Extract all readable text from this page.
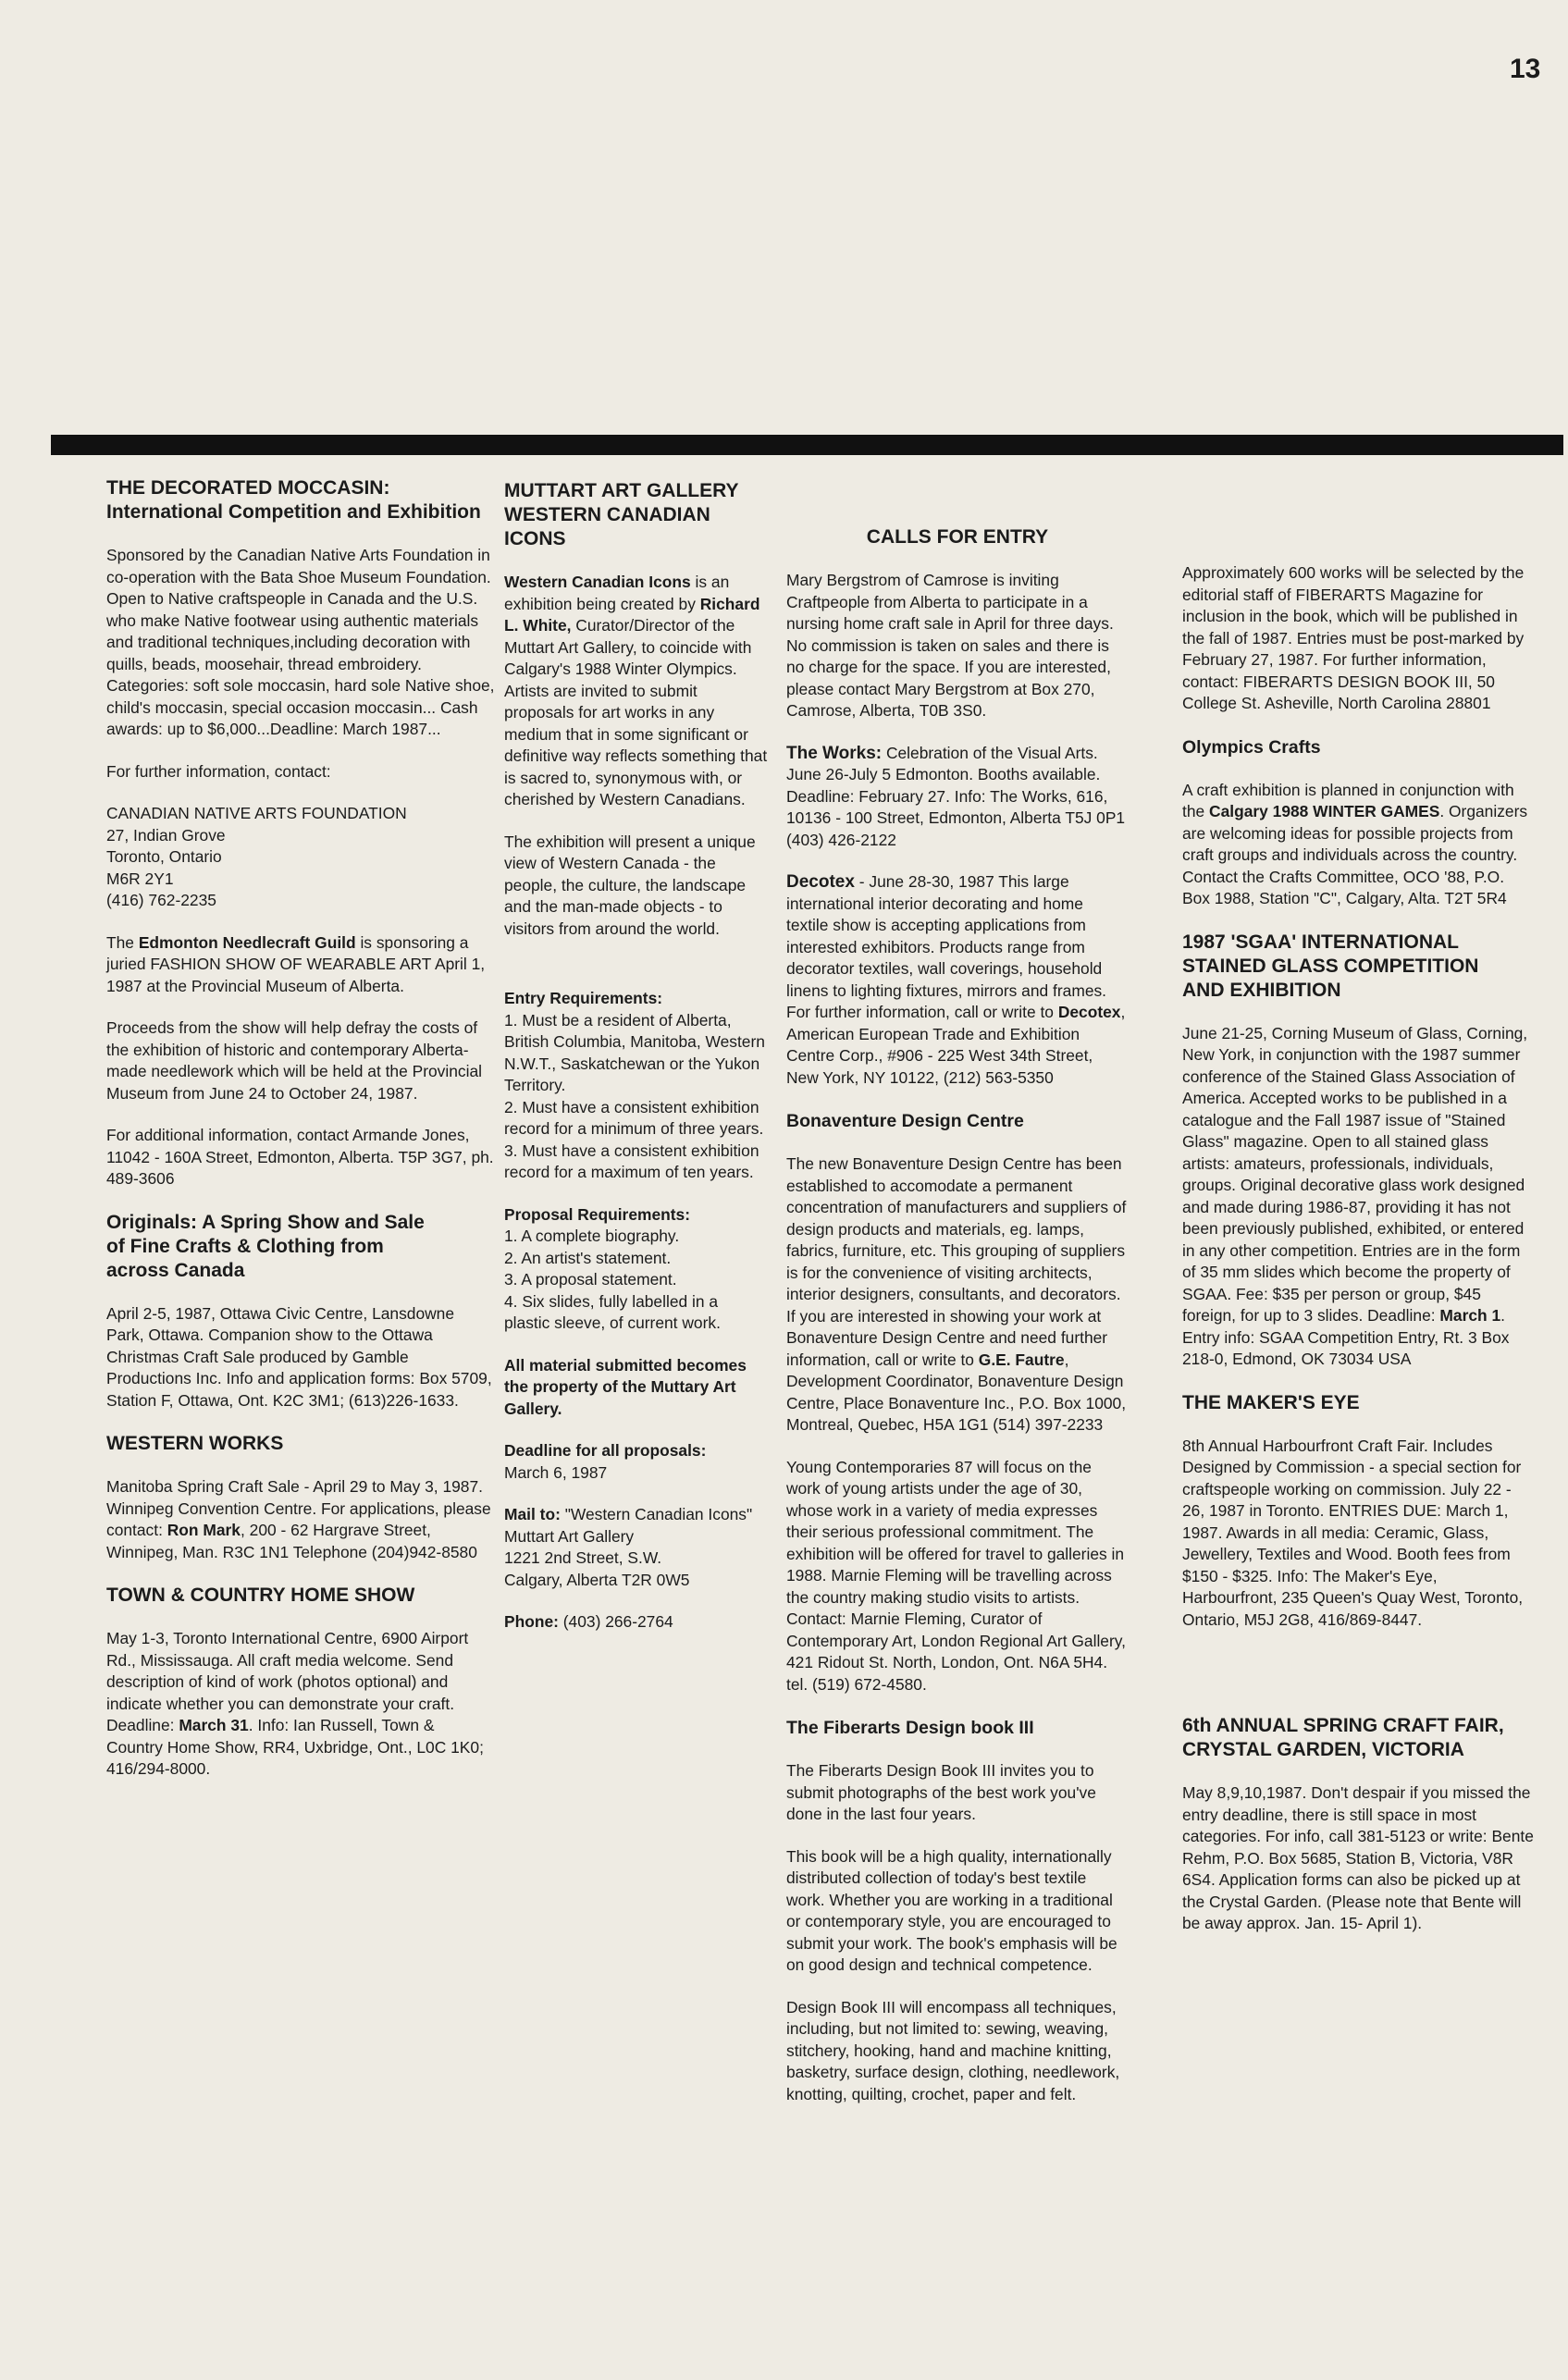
13
THE DECORATED MOCCASIN:
International Competition and Exhibition

Sponsored by the Canadian Native Arts Foundation in co-operation with the Bata Shoe Museum Foundation. Open to Native craftspeople in Canada and the U.S. who make Native footwear using authentic materials and traditional techniques,including decoration with quills, beads, moosehair, thread embroidery. Categories: soft sole moccasin, hard sole Native shoe, child's moccasin, special occasion moccasin... Cash awards: up to $6,000...Deadline: March 1987...

For further information, contact:

CANADIAN NATIVE ARTS FOUNDATION
27, Indian Grove
Toronto, Ontario
M6R 2Y1
(416) 762-2235

The Edmonton Needlecraft Guild is sponsoring a juried FASHION SHOW OF WEARABLE ART April 1, 1987 at the Provincial Museum of Alberta.

Proceeds from the show will help defray the costs of the exhibition of historic and contemporary Alberta-made needlework which will be held at the Provincial Museum from June 24 to October 24, 1987.

For additional information, contact Armande Jones, 11042 - 160A Street, Edmonton, Alberta. T5P 3G7, ph. 489-3606

Originals: A Spring Show and Sale
of Fine Crafts & Clothing from
across Canada

April 2-5, 1987, Ottawa Civic Centre, Lansdowne Park, Ottawa. Companion show to the Ottawa Christmas Craft Sale produced by Gamble Productions Inc. Info and application forms: Box 5709, Station F, Ottawa, Ont. K2C 3M1; (613)226-1633.

WESTERN WORKS

Manitoba Spring Craft Sale - April 29 to May 3, 1987. Winnipeg Convention Centre. For applications, please contact: Ron Mark, 200 - 62 Hargrave Street, Winnipeg, Man. R3C 1N1 Telephone (204)942-8580

TOWN & COUNTRY HOME SHOW

May 1-3, Toronto International Centre, 6900 Airport Rd., Mississauga. All craft media welcome. Send description of kind of work (photos optional) and indicate whether you can demonstrate your craft. Deadline: March 31. Info: Ian Russell, Town & Country Home Show, RR4, Uxbridge, Ont., L0C 1K0; 416/294-8000.

MUTTART ART GALLERY
WESTERN CANADIAN
ICONS

Western Canadian Icons is an exhibition being created by Richard L. White, Curator/Director of the Muttart Art Gallery, to coincide with Calgary's 1988 Winter Olympics. Artists are invited to submit proposals for art works in any medium that in some significant or definitive way reflects something that is sacred to, synonymous with, or cherished by Western Canadians.

The exhibition will present a unique view of Western Canada - the people, the culture, the landscape and the man-made objects - to visitors from around the world.

Entry Requirements:

1. Must be a resident of Alberta, British Columbia, Manitoba, Western N.W.T., Saskatchewan or the Yukon Territory.
2. Must have a consistent exhibition record for a minimum of three years.
3. Must have a consistent exhibition record for a maximum of ten years.

Proposal Requirements:

1. A complete biography.
2. An artist's statement.
3. A proposal statement.
4. Six slides, fully labelled in a plastic sleeve, of current work.

All material submitted becomes the property of the Muttary Art Gallery.

Deadline for all proposals:

March 6, 1987

Mail to: "Western Canadian Icons"
Muttart Art Gallery
1221 2nd Street, S.W.
Calgary, Alberta T2R 0W5

Phone: (403) 266-2764

CALLS FOR ENTRY

Mary Bergstrom of Camrose is inviting Craftpeople from Alberta to participate in a nursing home craft sale in April for three days. No commission is taken on sales and there is no charge for the space. If you are interested, please contact Mary Bergstrom at Box 270, Camrose, Alberta, T0B 3S0.

The Works: Celebration of the Visual Arts. June 26-July 5 Edmonton. Booths available. Deadline: February 27. Info: The Works, 616, 10136 - 100 Street, Edmonton, Alberta T5J 0P1 (403) 426-2122

Decotex - June 28-30, 1987 This large international interior decorating and home textile show is accepting applications from interested exhibitors. Products range from decorator textiles, wall coverings, household linens to lighting fixtures, mirrors and frames. For further information, call or write to Decotex, American European Trade and Exhibition Centre Corp., #906 - 225 West 34th Street, New York, NY 10122, (212) 563-5350

Bonaventure Design Centre

The new Bonaventure Design Centre has been established to accomodate a permanent concentration of manufacturers and suppliers of design products and materials, eg. lamps, fabrics, furniture, etc. This grouping of suppliers is for the convenience of visiting architects, interior designers, consultants, and decorators. If you are interested in showing your work at Bonaventure Design Centre and need further information, call or write to G.E. Fautre, Development Coordinator, Bonaventure Design Centre, Place Bonaventure Inc., P.O. Box 1000, Montreal, Quebec, H5A 1G1 (514) 397-2233

Young Contemporaries 87 will focus on the work of young artists under the age of 30, whose work in a variety of media expresses their serious professional commitment. The exhibition will be offered for travel to galleries in 1988. Marnie Fleming will be travelling across the country making studio visits to artists. Contact: Marnie Fleming, Curator of Contemporary Art, London Regional Art Gallery, 421 Ridout St. North, London, Ont. N6A 5H4.
tel. (519) 672-4580.

The Fiberarts Design book III

The Fiberarts Design Book III invites you to submit photographs of the best work you've done in the last four years.

This book will be a high quality, internationally distributed collection of today's best textile work. Whether you are working in a traditional or contemporary style, you are encouraged to submit your work. The book's emphasis will be on good design and technical competence.

Design Book III will encompass all techniques, including, but not limited to: sewing, weaving, stitchery, hooking, hand and machine knitting, basketry, surface design, clothing, needlework, knotting, quilting, crochet, paper and felt.

Approximately 600 works will be selected by the editorial staff of FIBERARTS Magazine for inclusion in the book, which will be published in the fall of 1987. Entries must be post-marked by February 27, 1987. For further information, contact: FIBERARTS DESIGN BOOK III, 50 College St. Asheville, North Carolina 28801

Olympics Crafts

A craft exhibition is planned in conjunction with the Calgary 1988 WINTER GAMES. Organizers are welcoming ideas for possible projects from craft groups and individuals across the country. Contact the Crafts Committee, OCO '88, P.O. Box 1988, Station "C", Calgary, Alta. T2T 5R4

1987 'SGAA' INTERNATIONAL
STAINED GLASS COMPETITION
AND EXHIBITION

June 21-25, Corning Museum of Glass, Corning, New York, in conjunction with the 1987 summer conference of the Stained Glass Association of America. Accepted works to be published in a catalogue and the Fall 1987 issue of "Stained Glass" magazine. Open to all stained glass artists: amateurs, professionals, individuals, groups. Original decorative glass work designed and made during 1986-87, providing it has not been previously published, exhibited, or entered in any other competition. Entries are in the form of 35 mm slides which become the property of SGAA. Fee: $35 per person or group, $45 foreign, for up to 3 slides. Deadline: March 1. Entry info: SGAA Competition Entry, Rt. 3 Box 218-0, Edmond, OK 73034 USA

THE MAKER'S EYE

8th Annual Harbourfront Craft Fair. Includes Designed by Commission - a special section for craftspeople working on commission. July 22 - 26, 1987 in Toronto. ENTRIES DUE: March 1, 1987. Awards in all media: Ceramic, Glass, Jewellery, Textiles and Wood. Booth fees from $150 - $325. Info: The Maker's Eye, Harbourfront, 235 Queen's Quay West, Toronto, Ontario, M5J 2G8, 416/869-8447.

6th ANNUAL SPRING CRAFT FAIR,
CRYSTAL GARDEN, VICTORIA

May 8,9,10,1987. Don't despair if you missed the entry deadline, there is still space in most categories. For info, call 381-5123 or write: Bente Rehm, P.O. Box 5685, Station B, Victoria, V8R 6S4. Application forms can also be picked up at the Crystal Garden. (Please note that Bente will be away approx. Jan. 15- April 1).
